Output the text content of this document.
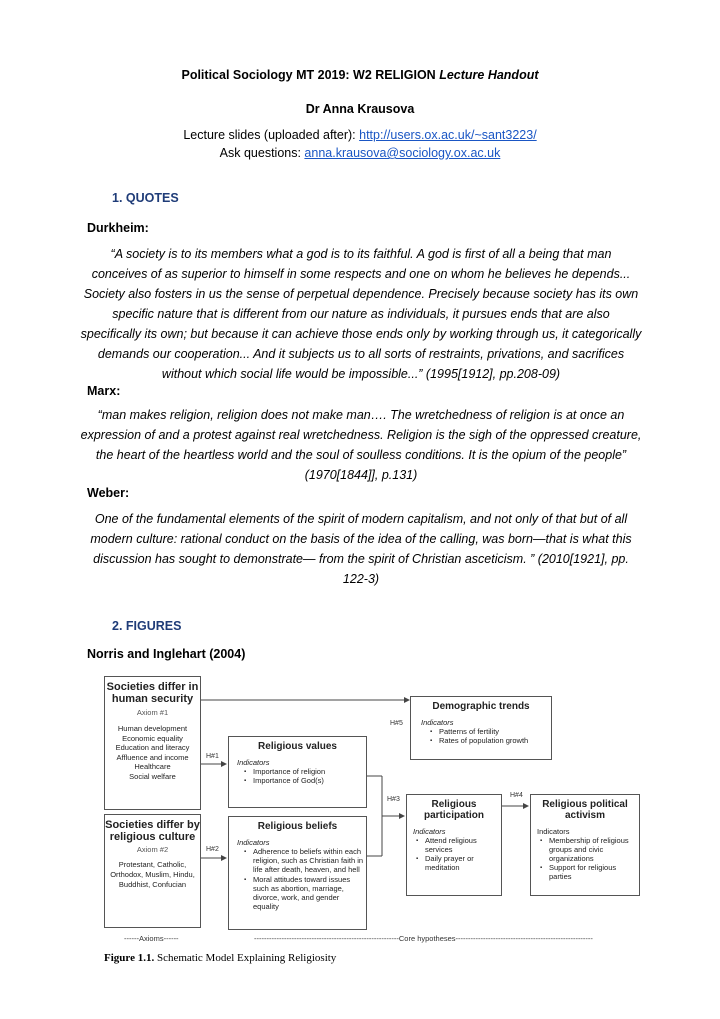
Political Sociology MT 2019: W2 RELIGION Lecture Handout
Dr Anna Krausova
Lecture slides (uploaded after): http://users.ox.ac.uk/~sant3223/
Ask questions: anna.krausova@sociology.ox.ac.uk
1. QUOTES
Durkheim:
“A society is to its members what a god is to its faithful. A god is first of all a being that man
conceives of as superior to himself in some respects and one on whom he believes he depends...
Society also fosters in us the sense of perpetual dependence. Precisely because society has its own
specific nature that is different from our nature as individuals, it pursues ends that are also
specifically its own; but because it can achieve those ends only by working through us, it categorically
demands our cooperation... And it subjects us to all sorts of restraints, privations, and sacrifices
without which social life would be impossible...” (1995[1912], pp.208-09)
Marx:
“man makes religion, religion does not make man…. The wretchedness of religion is at once an
expression of and a protest against real wretchedness. Religion is the sigh of the oppressed creature,
the heart of the heartless world and the soul of soulless conditions. It is the opium of the people”
(1970[1844]], p.131)
Weber:
One of the fundamental elements of the spirit of modern capitalism, and not only of that but of all
modern culture: rational conduct on the basis of the idea of the calling, was born—that is what this
discussion has sought to demonstrate— from the spirit of Christian asceticism. ” (2010[1921], pp.
122-3)
2. FIGURES
Norris and Inglehart (2004)
Societies differ in human security
Axiom #1
Human development
Economic equality
Education and literacy
Affluence and income
Healthcare
Social welfare
Societies differ by religious culture
Axiom #2
Protestant, Catholic, Orthodox, Muslim, Hindu, Buddhist, Confucian
Demographic trends
Indicators
▪ Patterns of fertility
▪ Rates of population growth
Religious values
Indicators
▪ Importance of religion
▪ Importance of God(s)
Religious beliefs
Indicators
▪ Adherence to beliefs within each religion, such as Christian faith in life after death, heaven, and hell
▪ Moral attitudes toward issues such as abortion, marriage, divorce, work, and gender equality
Religious participation
Indicators
▪ Attend religious services
▪ Daily prayer or meditation
Religious political activism
Indicators
▪ Membership of religious groups and civic organizations
▪ Support for religious parties
H#5
H#1
H#2
H#3
H#4
------Axioms------	----------------------------------------------------------Core hypotheses-------------------------------------------------------
Figure 1.1. Schematic Model Explaining Religiosity
